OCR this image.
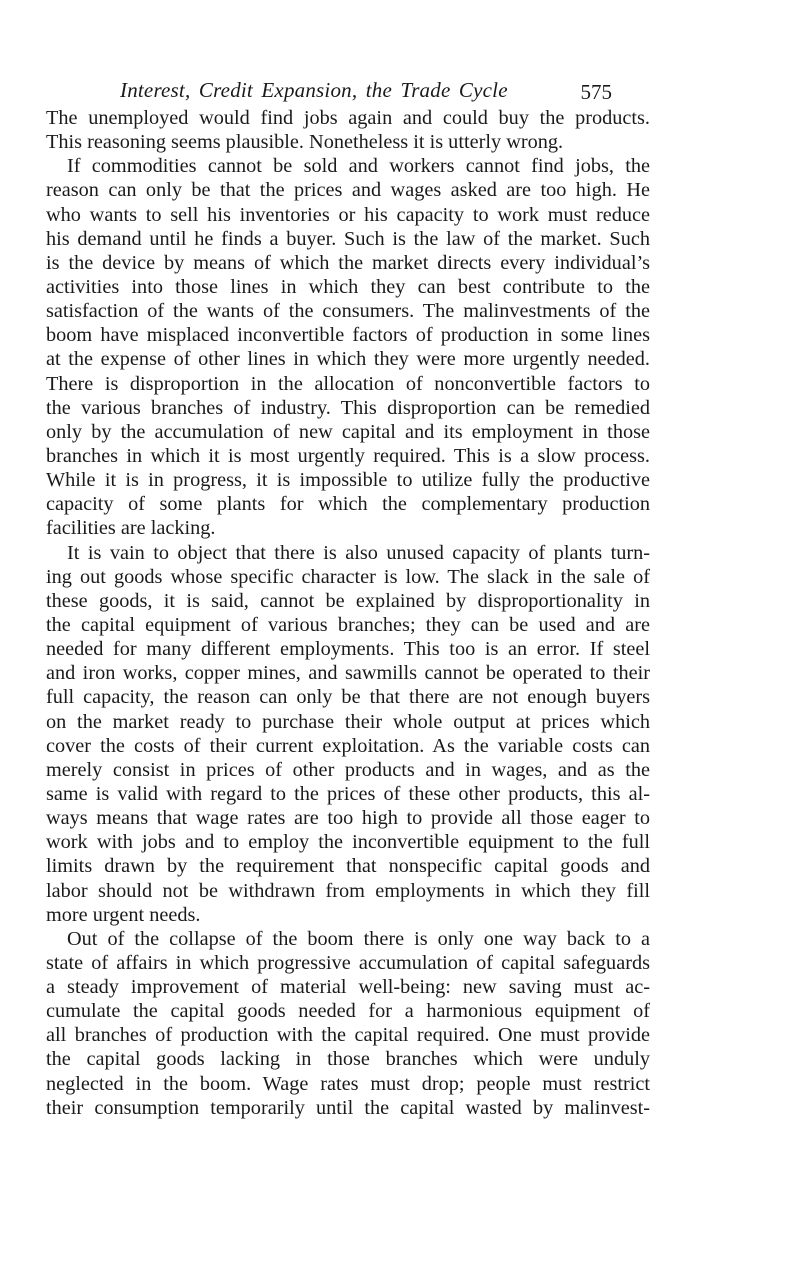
Interest, Credit Expansion, the Trade Cycle	575
The unemployed would find jobs again and could buy the products.
This reasoning seems plausible. Nonetheless it is utterly wrong.
If commodities cannot be sold and workers cannot find jobs, the
reason can only be that the prices and wages asked are too high. He
who wants to sell his inventories or his capacity to work must reduce
his demand until he finds a buyer. Such is the law of the market. Such
is the device by means of which the market directs every individual’s
activities into those lines in which they can best contribute to the
satisfaction of the wants of the consumers. The malinvestments of the
boom have misplaced inconvertible factors of production in some lines
at the expense of other lines in which they were more urgently needed.
There is disproportion in the allocation of nonconvertible factors to
the various branches of industry. This disproportion can be remedied
only by the accumulation of new capital and its employment in those
branches in which it is most urgently required. This is a slow process.
While it is in progress, it is impossible to utilize fully the productive
capacity of some plants for which the complementary production
facilities are lacking.
It is vain to object that there is also unused capacity of plants turn-
ing out goods whose specific character is low. The slack in the sale of
these goods, it is said, cannot be explained by disproportionality in
the capital equipment of various branches; they can be used and are
needed for many different employments. This too is an error. If steel
and iron works, copper mines, and sawmills cannot be operated to their
full capacity, the reason can only be that there are not enough buyers
on the market ready to purchase their whole output at prices which
cover the costs of their current exploitation. As the variable costs can
merely consist in prices of other products and in wages, and as the
same is valid with regard to the prices of these other products, this al-
ways means that wage rates are too high to provide all those eager to
work with jobs and to employ the inconvertible equipment to the full
limits drawn by the requirement that nonspecific capital goods and
labor should not be withdrawn from employments in which they fill
more urgent needs.
Out of the collapse of the boom there is only one way back to a
state of affairs in which progressive accumulation of capital safeguards
a steady improvement of material well-being: new saving must ac-
cumulate the capital goods needed for a harmonious equipment of
all branches of production with the capital required. One must provide
the capital goods lacking in those branches which were unduly
neglected in the boom. Wage rates must drop; people must restrict
their consumption temporarily until the capital wasted by malinvest-
